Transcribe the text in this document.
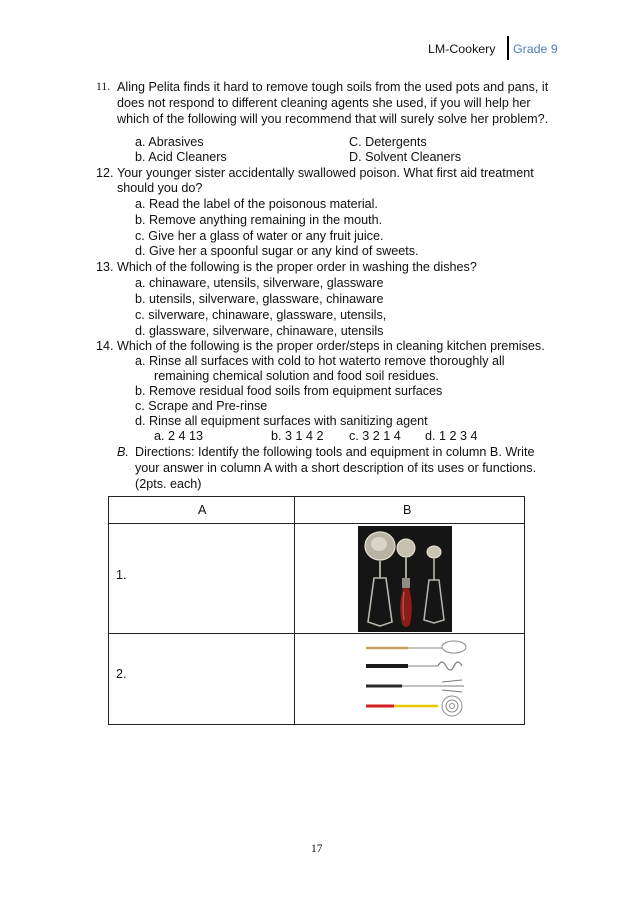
LM-Cookery Grade 9
11. Aling Pelita finds it hard to remove tough soils from the used pots and pans, it
does not respond to different cleaning agents she used, if you will help her
which of the following will you recommend that will surely solve her problem?.
a. Abrasives
b. Acid Cleaners
C. Detergents
D. Solvent Cleaners
12. Your younger sister accidentally swallowed poison. What first aid treatment
should you do?
a. Read the label of the poisonous material.
b. Remove anything remaining in the mouth.
c. Give her a glass of water or any fruit juice.
d. Give her a spoonful sugar or any kind of sweets.
13. Which of the following is the proper order in washing the dishes?
a. chinaware, utensils, silverware, glassware
b. utensils, silverware, glassware, chinaware
c. silverware, chinaware, glassware, utensils,
d. glassware, silverware, chinaware, utensils
14. Which of the following is the proper order/steps in cleaning kitchen premises.
a. Rinse all surfaces with cold to hot waterto remove thoroughly all
remaining chemical solution and food soil residues.
b. Remove residual food soils from equipment surfaces
c. Scrape and Pre-rinse
d. Rinse all equipment surfaces with sanitizing agent
a. 2 4 13	b. 3 1 4 2 c. 3 2 1 4 d. 1 2 3 4
B. Directions: Identify the following tools and equipment in column B. Write
your answer in column A with a short description of its uses or functions.
(2pts. each)
A	B
1.
2.
17
